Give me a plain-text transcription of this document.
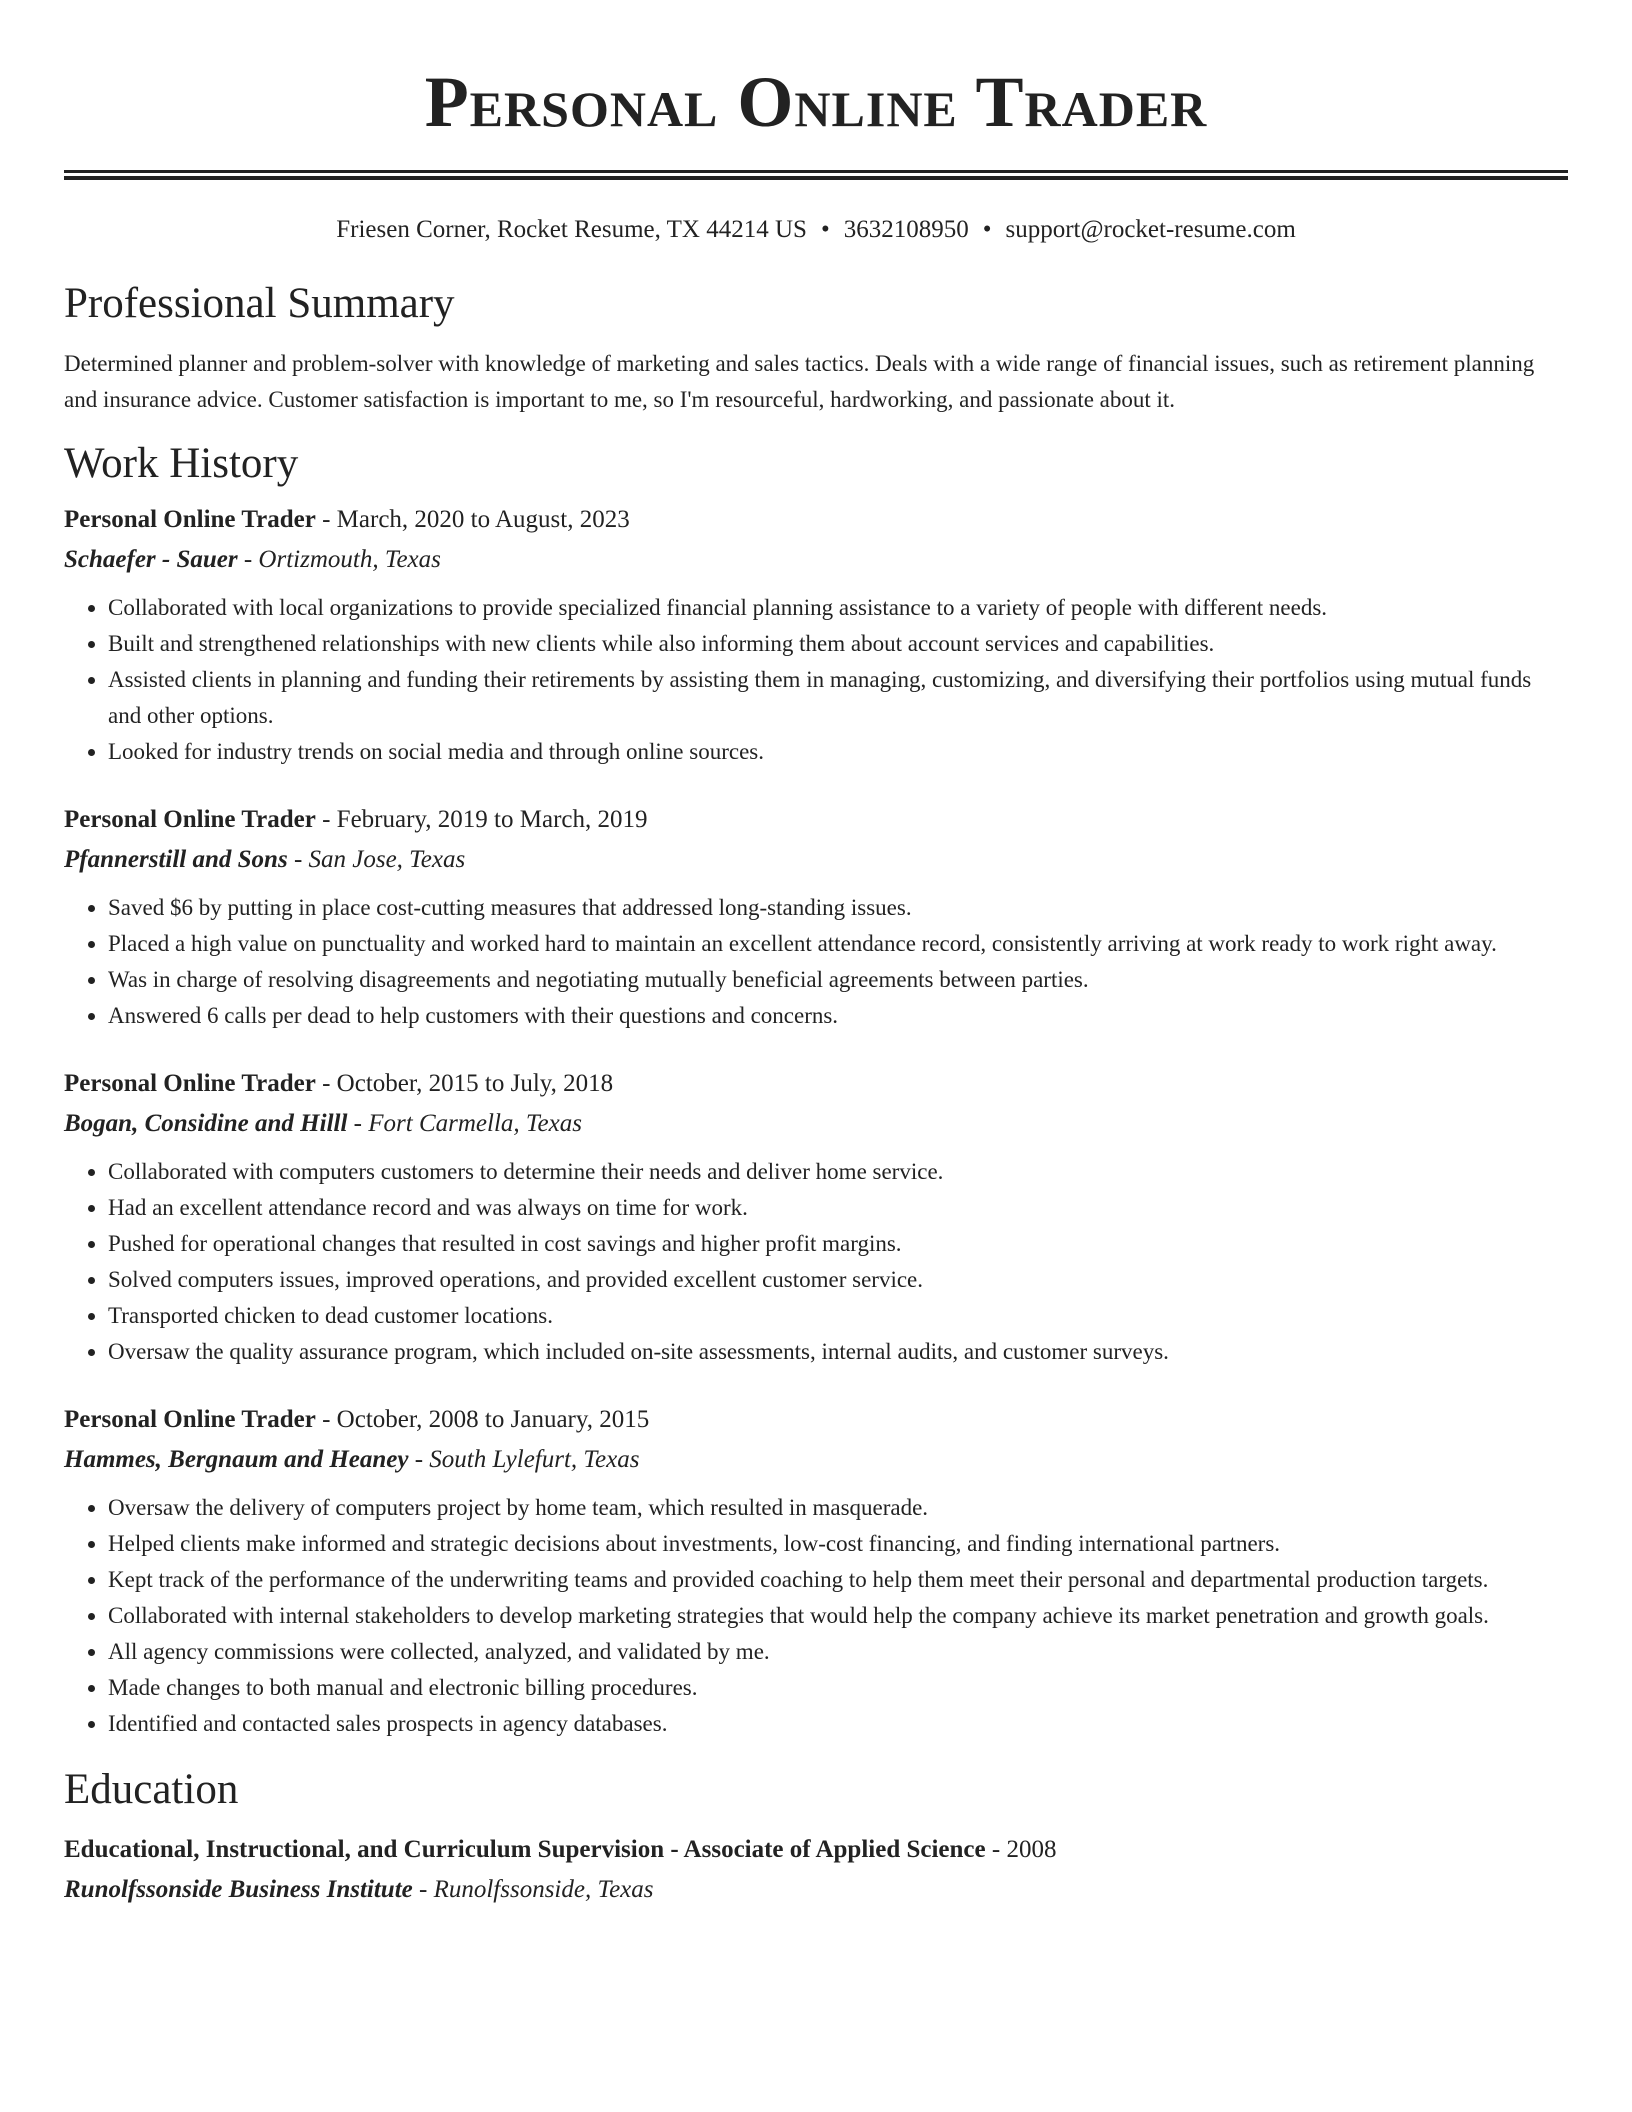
Personal Online Trader
Friesen Corner, Rocket Resume, TX 44214 US • 3632108950 • support@rocket-resume.com
Professional Summary
Determined planner and problem-solver with knowledge of marketing and sales tactics. Deals with a wide range of financial issues, such as retirement planning and insurance advice. Customer satisfaction is important to me, so I'm resourceful, hardworking, and passionate about it.
Work History
Personal Online Trader - March, 2020 to August, 2023
Schaefer - Sauer - Ortizmouth, Texas
• Collaborated with local organizations to provide specialized financial planning assistance to a variety of people with different needs.
• Built and strengthened relationships with new clients while also informing them about account services and capabilities.
• Assisted clients in planning and funding their retirements by assisting them in managing, customizing, and diversifying their portfolios using mutual funds and other options.
• Looked for industry trends on social media and through online sources.
Personal Online Trader - February, 2019 to March, 2019
Pfannerstill and Sons - San Jose, Texas
• Saved $6 by putting in place cost-cutting measures that addressed long-standing issues.
• Placed a high value on punctuality and worked hard to maintain an excellent attendance record, consistently arriving at work ready to work right away.
• Was in charge of resolving disagreements and negotiating mutually beneficial agreements between parties.
• Answered 6 calls per dead to help customers with their questions and concerns.
Personal Online Trader - October, 2015 to July, 2018
Bogan, Considine and Hilll - Fort Carmella, Texas
• Collaborated with computers customers to determine their needs and deliver home service.
• Had an excellent attendance record and was always on time for work.
• Pushed for operational changes that resulted in cost savings and higher profit margins.
• Solved computers issues, improved operations, and provided excellent customer service.
• Transported chicken to dead customer locations.
• Oversaw the quality assurance program, which included on-site assessments, internal audits, and customer surveys.
Personal Online Trader - October, 2008 to January, 2015
Hammes, Bergnaum and Heaney - South Lylefurt, Texas
• Oversaw the delivery of computers project by home team, which resulted in masquerade.
• Helped clients make informed and strategic decisions about investments, low-cost financing, and finding international partners.
• Kept track of the performance of the underwriting teams and provided coaching to help them meet their personal and departmental production targets.
• Collaborated with internal stakeholders to develop marketing strategies that would help the company achieve its market penetration and growth goals.
• All agency commissions were collected, analyzed, and validated by me.
• Made changes to both manual and electronic billing procedures.
• Identified and contacted sales prospects in agency databases.
Education
Educational, Instructional, and Curriculum Supervision - Associate of Applied Science - 2008
Runolfssonside Business Institute - Runolfssonside, Texas
